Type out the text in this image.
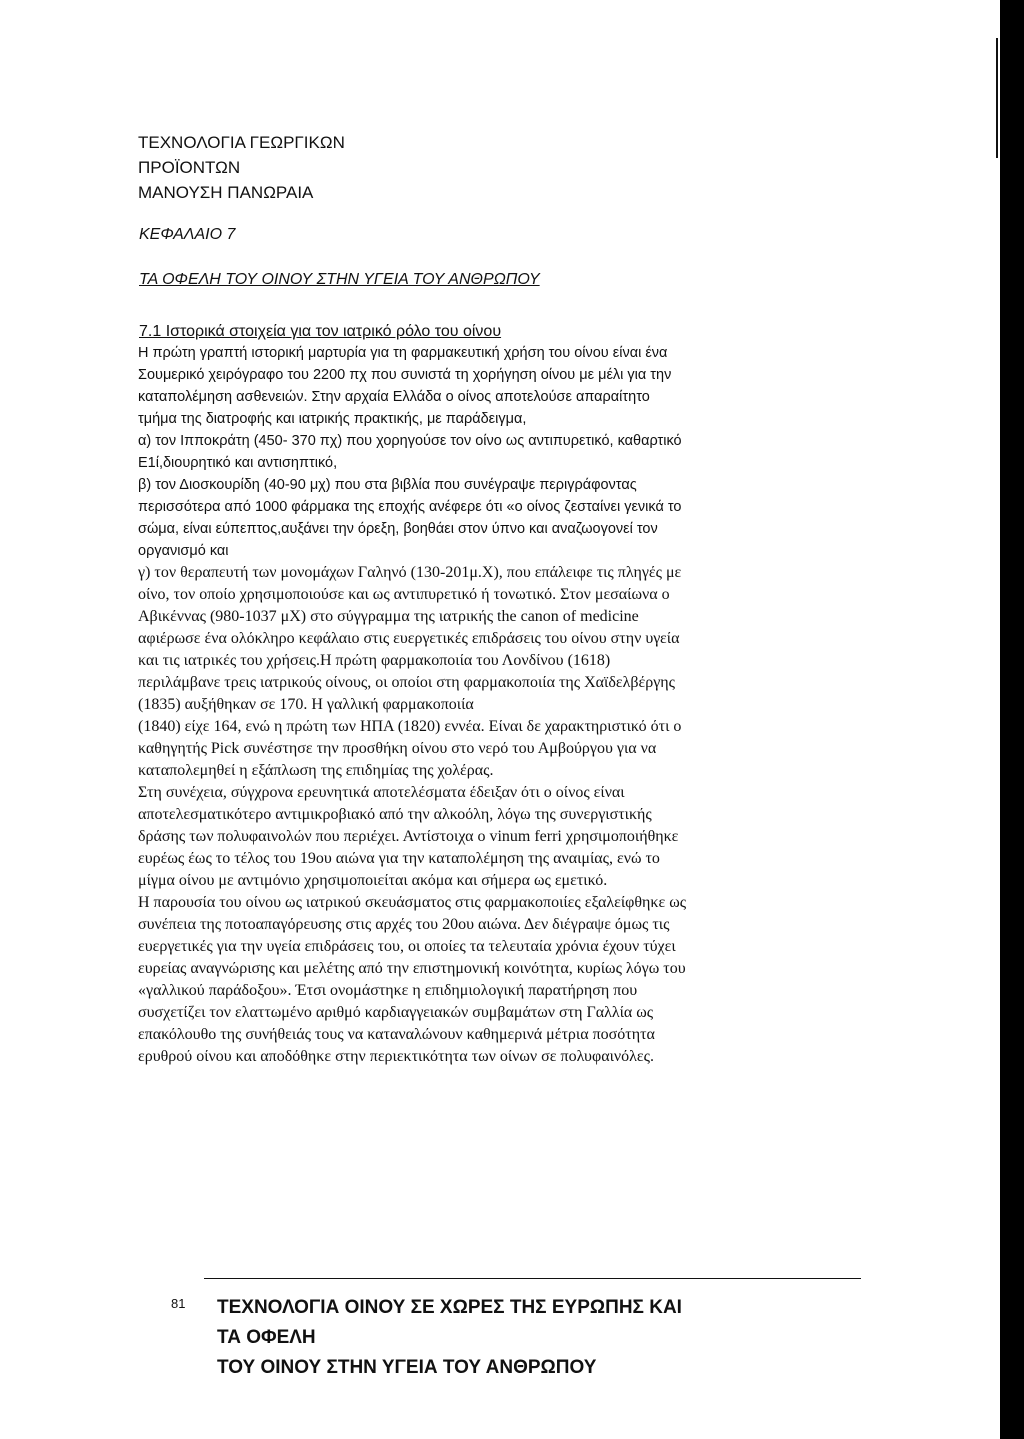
ΤΕΧΝΟΛΟΓΙΑ ΓΕΩΡΓΙΚΩΝ
ΠΡΟΪΟΝΤΩΝ
ΜΑΝΟΥΣΗ ΠΑΝΩΡΑΙΑ
ΚΕΦΑΛΑΙΟ 7
ΤΑ ΟΦΕΛΗ ΤΟΥ ΟΙΝΟΥ ΣΤΗΝ ΥΓΕΙΑ ΤΟΥ ΑΝΘΡΩΠΟΥ
7.1 Ιστορικά στοιχεία για τον ιατρικό ρόλο του οίνου
Η πρώτη γραπτή ιστορική μαρτυρία για τη φαρμακευτική χρήση του οίνου είναι ένα
Σουμερικό χειρόγραφο του 2200 πχ που συνιστά τη χορήγηση οίνου με μέλι για την
καταπολέμηση ασθενειών. Στην αρχαία Ελλάδα ο οίνος αποτελούσε απαραίτητο
τμήμα της διατροφής και ιατρικής πρακτικής, με παράδειγμα,
α) τον Ιπποκράτη (450- 370 πχ) που χορηγούσε τον οίνο ως αντιπυρετικό, καθαρτικό
Ε1ί,διουρητικό και αντισηπτικό,
β) τον Διοσκουρίδη (40-90 μχ) που στα βιβλία που συνέγραψε περιγράφοντας
περισσότερα από 1000 φάρμακα της εποχής ανέφερε ότι «ο οίνος ζεσταίνει γενικά το
σώμα, είναι εύπεπτος,αυξάνει την όρεξη, βοηθάει στον ύπνο και αναζωογονεί τον
οργανισμό και
γ) τον θεραπευτή των μονομάχων Γαληνό (130-201μ.Χ), που επάλειφε τις πληγές με
οίνο, τον οποίο χρησιμοποιούσε και ως αντιπυρετικό ή τονωτικό. Στον μεσαίωνα ο
Αβικέννας (980-1037 μΧ) στο σύγγραμμα της ιατρικής the canon of medicine
αφιέρωσε ένα ολόκληρο κεφάλαιο στις ευεργετικές επιδράσεις του οίνου στην υγεία
και τις ιατρικές του χρήσεις.Η πρώτη φαρμακοποιία του Λονδίνου (1618)
περιλάμβανε τρεις ιατρικούς οίνους, οι οποίοι στη φαρμακοποιία της Χαϊδελβέργης
(1835) αυξήθηκαν σε 170. Η γαλλική φαρμακοποιία
(1840) είχε 164, ενώ η πρώτη των ΗΠΑ (1820) εννέα. Είναι δε χαρακτηριστικό ότι ο
καθηγητής Pick συνέστησε την προσθήκη οίνου στο νερό του Αμβούργου για να
καταπολεμηθεί η εξάπλωση της επιδημίας της χολέρας.
Στη συνέχεια, σύγχρονα ερευνητικά αποτελέσματα έδειξαν ότι ο οίνος είναι
αποτελεσματικότερο αντιμικροβιακό από την αλκοόλη, λόγω της συνεργιστικής
δράσης των πολυφαινολών που περιέχει. Αντίστοιχα ο vinum ferri χρησιμοποιήθηκε
ευρέως έως το τέλος του 19ου αιώνα για την καταπολέμηση της αναιμίας, ενώ το
μίγμα οίνου με αντιμόνιο χρησιμοποιείται ακόμα και σήμερα ως εμετικό.
Η παρουσία του οίνου ως ιατρικού σκευάσματος στις φαρμακοποιίες εξαλείφθηκε ως
συνέπεια της ποτοαπαγόρευσης στις αρχές του 20ου αιώνα. Δεν διέγραψε όμως τις
ευεργετικές για την υγεία επιδράσεις του, οι οποίες τα τελευταία χρόνια έχουν τύχει
ευρείας αναγνώρισης και μελέτης από την επιστημονική κοινότητα, κυρίως λόγω του
«γαλλικού παράδοξου». Έτσι ονομάστηκε η επιδημιολογική παρατήρηση που
συσχετίζει τον ελαττωμένο αριθμό καρδιαγγειακών συμβαμάτων στη Γαλλία ως
επακόλουθο της συνήθειάς τους να καταναλώνουν καθημερινά μέτρια ποσότητα
ερυθρού οίνου και αποδόθηκε στην περιεκτικότητα των οίνων σε πολυφαινόλες.
81 ΤΕΧΝΟΛΟΓΙΑ ΟΙΝΟΥ ΣΕ ΧΩΡΕΣ ΤΗΣ ΕΥΡΩΠΗΣ ΚΑΙ
ΤΑ ΟΦΕΛΗ
ΤΟΥ ΟΙΝΟΥ ΣΤΗΝ ΥΓΕΙΑ ΤΟΥ ΑΝΘΡΩΠΟΥ
